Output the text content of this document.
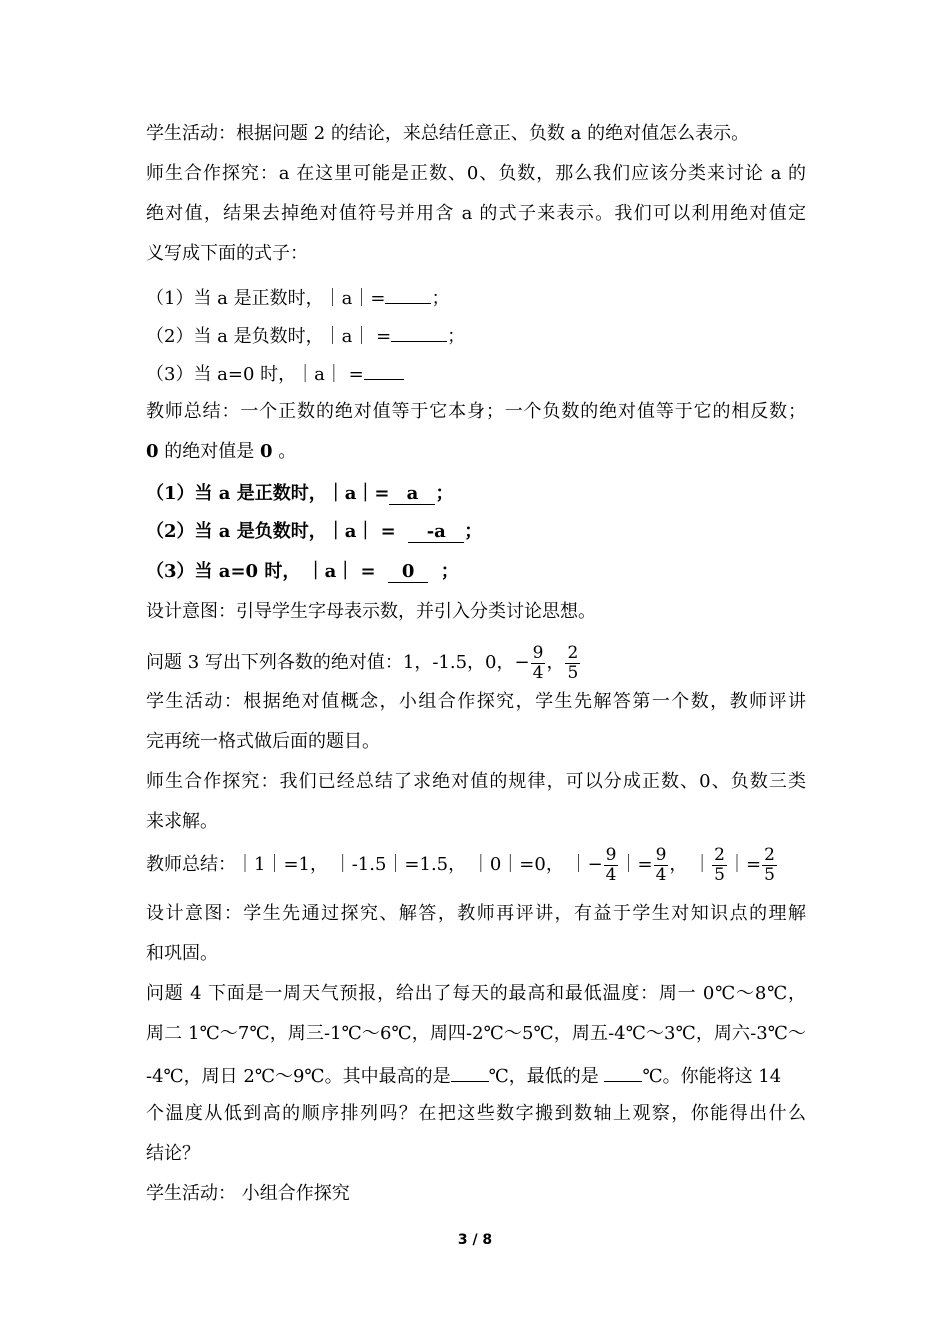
学生活动：根据问题 2 的结论，来总结任意正、负数 a 的绝对值怎么表示。
师生合作探究：a 在这里可能是正数、0、负数，那么我们应该分类来讨论 a 的
绝对值，结果去掉绝对值符号并用含 a 的式子来表示。我们可以利用绝对值定
义写成下面的式子：
（1）当 a 是正数时，｜a｜=	；
（2）当 a 是负数时，｜a｜ =	；
（3）当 a=0 时，｜a｜ =
教师总结：一个正数的绝对值等于它本身；一个负数的绝对值等于它的相反数；
0 的绝对值是 0 。
（1）当 a 是正数时，｜a｜= a ；
（2）当 a 是负数时，｜a｜ = -a ；
（3）当 a=0 时， ｜a｜ = 0 ；
设计意图：引导学生字母表示数，并引入分类讨论思想。
问题 3 写出下列各数的绝对值：1，-1.5，0，− $\frac{9}{4}$ ， $\frac{2}{5}$
学生活动：根据绝对值概念，小组合作探究，学生先解答第一个数，教师评讲
完再统一格式做后面的题目。
师生合作探究：我们已经总结了求绝对值的规律，可以分成正数、0、负数三类
来求解。
教师总结：｜1｜=1， ｜-1.5｜=1.5， ｜0｜=0， ｜− $\frac{9}{4}$ ｜= $\frac{9}{4}$ ， ｜ $\frac{2}{5}$ ｜= $\frac{2}{5}$
设计意图：学生先通过探究、解答，教师再评讲，有益于学生对知识点的理解
和巩固。
问题 4 下面是一周天气预报，给出了每天的最高和最低温度：周一 0℃～8℃，
周二 1℃～7℃，周三-1℃～6℃，周四-2℃～5℃，周五-4℃～3℃，周六-3℃～
-4℃，周日 2℃～9℃。其中最高的是 ℃，最低的是 ℃。你能将这 14
个温度从低到高的顺序排列吗？在把这些数字搬到数轴上观察，你能得出什么
结论？
学生活动： 小组合作探究
3 / 8
